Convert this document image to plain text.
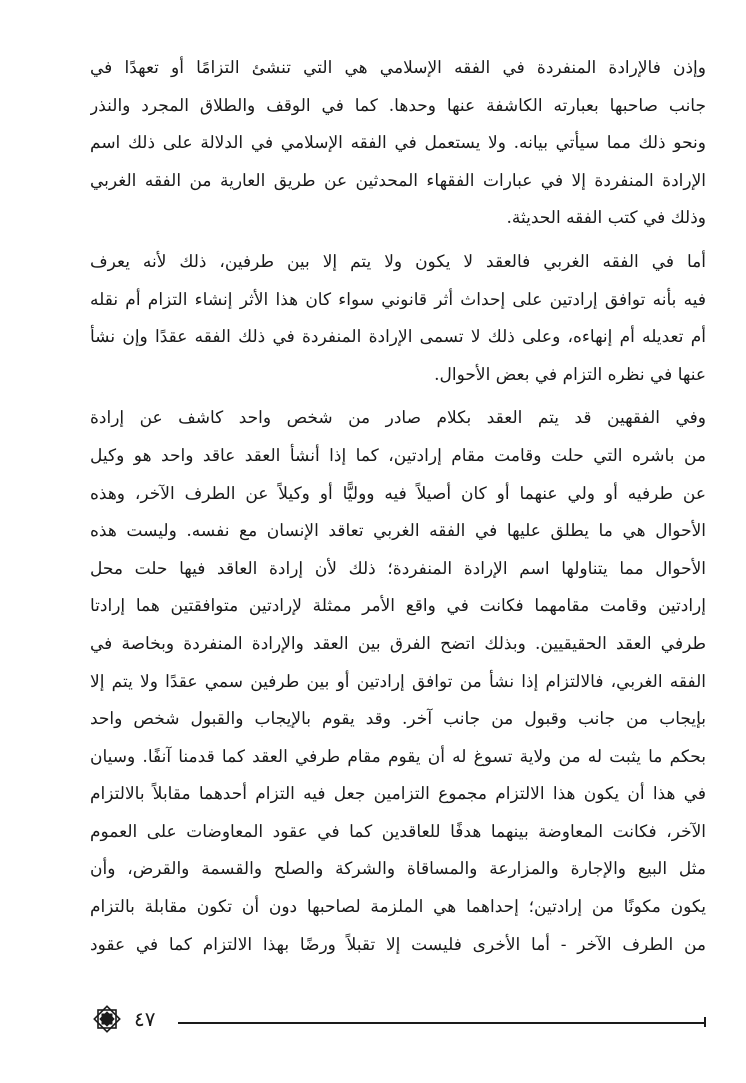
وإذن فالإرادة المنفردة في الفقه الإسلامي هي التي تنشئ التزامًا أو تعهدًا في
جانب صاحبها بعبارته الكاشفة عنها وحدها. كما في الوقف والطلاق المجرد والنذر
ونحو ذلك مما سيأتي بيانه. ولا يستعمل في الفقه الإسلامي في الدلالة على ذلك اسم
الإرادة المنفردة إلا في عبارات الفقهاء المحدثين عن طريق العارية من الفقه الغربي
وذلك في كتب الفقه الحديثة.

أما في الفقه الغربي فالعقد لا يكون ولا يتم إلا بين طرفين، ذلك لأنه يعرف
فيه بأنه توافق إرادتين على إحداث أثر قانوني سواء كان هذا الأثر إنشاء التزام أم نقله
أم تعديله أم إنهاءه، وعلى ذلك لا تسمى الإرادة المنفردة في ذلك الفقه عقدًا وإن نشأ
عنها في نظره التزام في بعض الأحوال.

وفي الفقهين قد يتم العقد بكلام صادر من شخص واحد كاشف عن إرادة
من باشره التي حلت وقامت مقام إرادتين، كما إذا أنشأ العقد عاقد واحد هو وكيل
عن طرفيه أو ولي عنهما أو كان أصيلاً فيه ووليًّا أو وكيلاً عن الطرف الآخر، وهذه
الأحوال هي ما يطلق عليها في الفقه الغربي تعاقد الإنسان مع نفسه. وليست هذه
الأحوال مما يتناولها اسم الإرادة المنفردة؛ ذلك لأن إرادة العاقد فيها حلت محل
إرادتين وقامت مقامهما فكانت في واقع الأمر ممثلة لإرادتين متوافقتين هما إرادتا
طرفي العقد الحقيقيين. وبذلك اتضح الفرق بين العقد والإرادة المنفردة وبخاصة في
الفقه الغربي، فالالتزام إذا نشأ من توافق إرادتين أو بين طرفين سمي عقدًا ولا يتم إلا
بإيجاب من جانب وقبول من جانب آخر. وقد يقوم بالإيجاب والقبول شخص واحد
بحكم ما يثبت له من ولاية تسوغ له أن يقوم مقام طرفي العقد كما قدمنا آنفًا. وسيان
في هذا أن يكون هذا الالتزام مجموع التزامين جعل فيه التزام أحدهما مقابلاً بالالتزام
الآخر، فكانت المعاوضة بينهما هدفًا للعاقدين كما في عقود المعاوضات على العموم
مثل البيع والإجارة والمزارعة والمساقاة والشركة والصلح والقسمة والقرض، وأن
يكون مكونًا من إرادتين؛ إحداهما هي الملزمة لصاحبها دون أن تكون مقابلة بالتزام
من الطرف الآخر - أما الأخرى فليست إلا تقبلاً ورضًا بهذا الالتزام كما في عقود

٤٧
